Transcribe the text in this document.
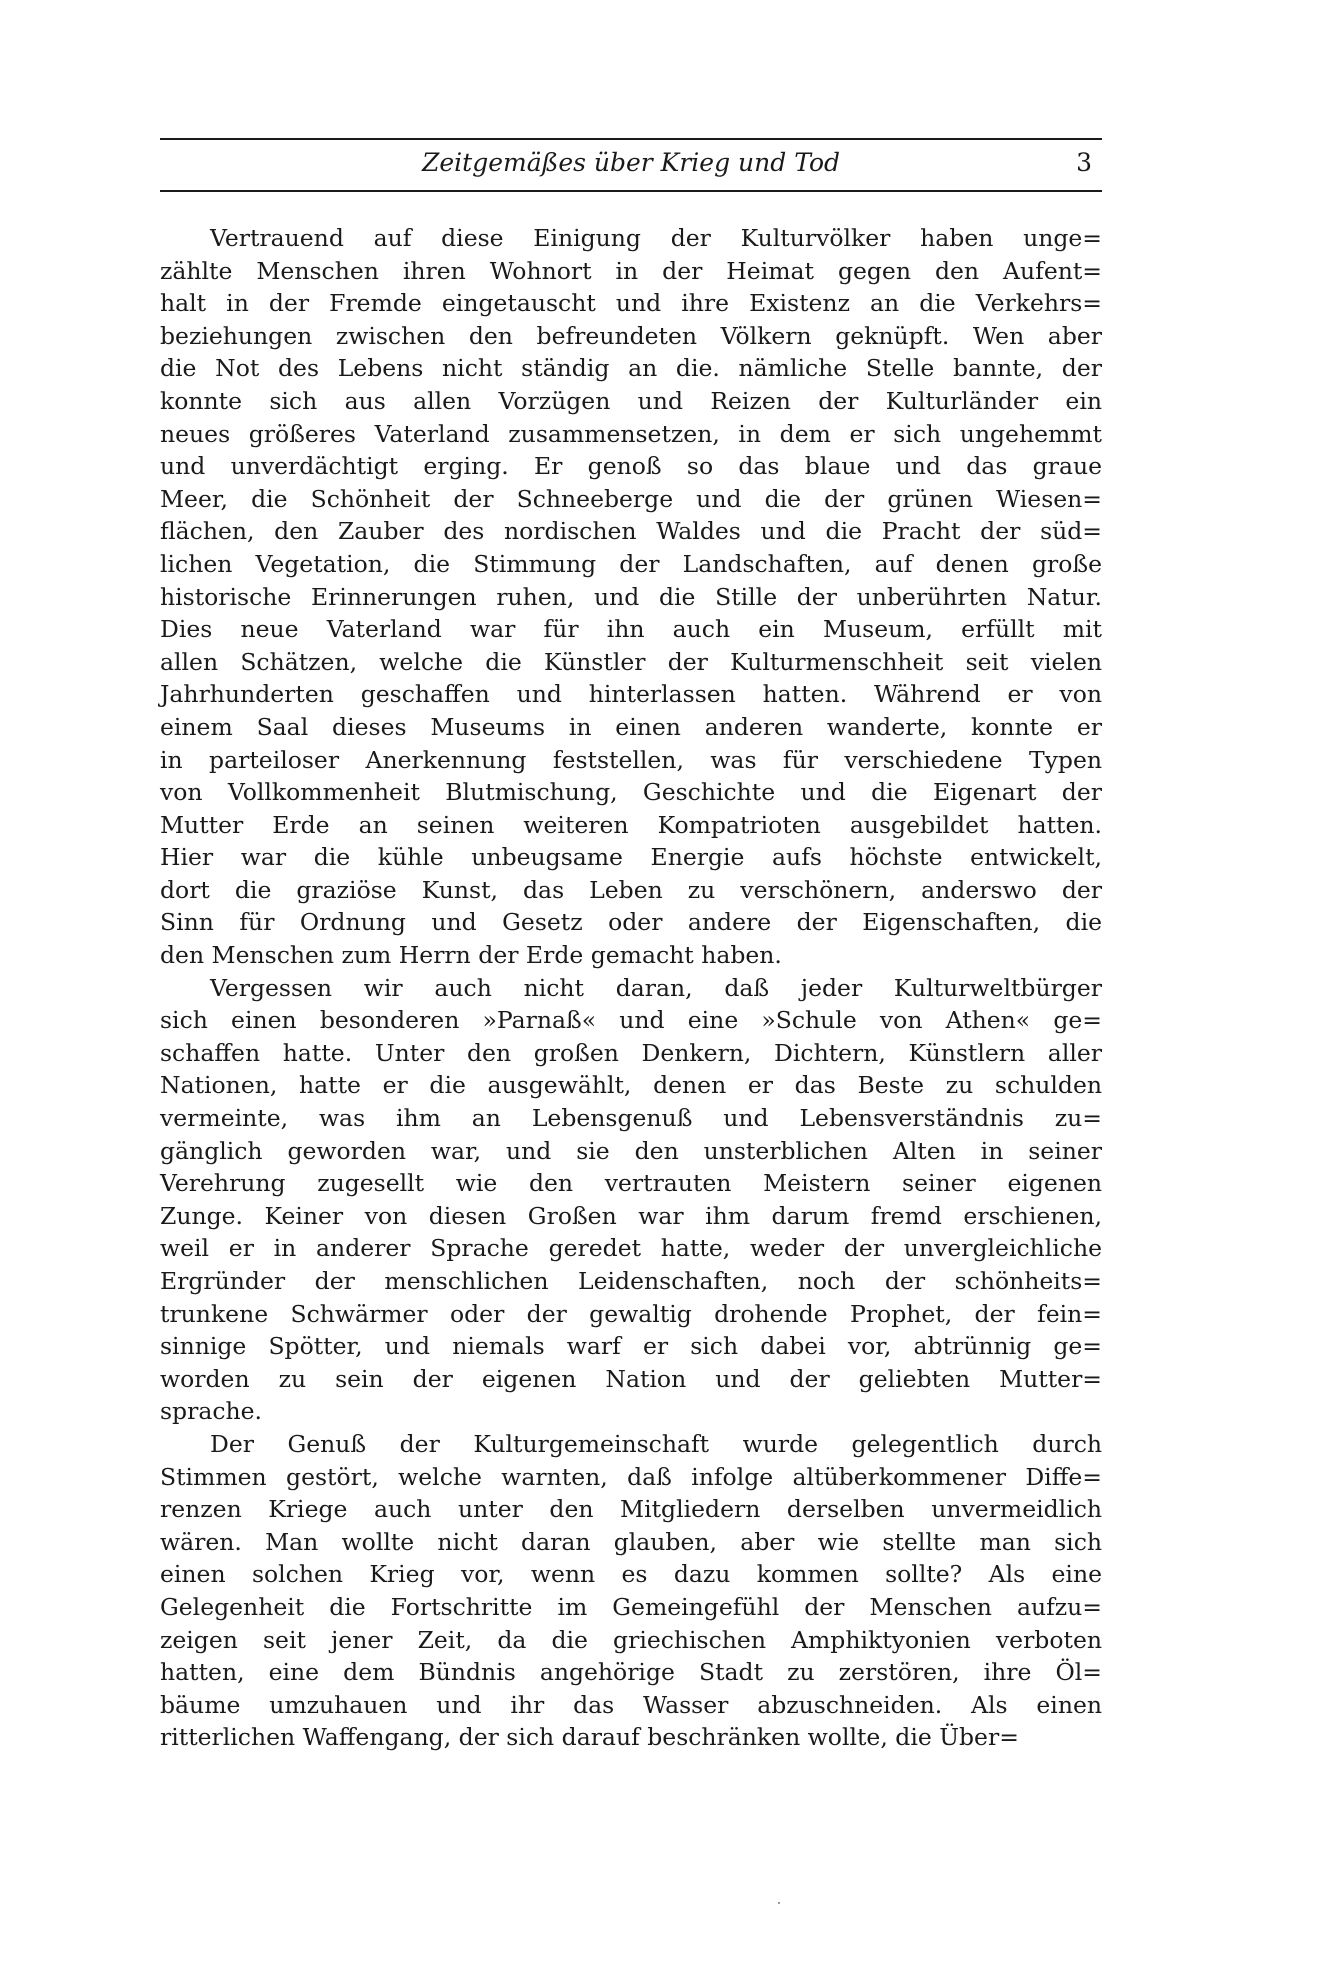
Zeitgemäßes über Krieg und Tod	3

Vertrauend auf diese Einigung der Kulturvölker haben unge=
zählte Menschen ihren Wohnort in der Heimat gegen den Aufent=
halt in der Fremde eingetauscht und ihre Existenz an die Verkehrs=
beziehungen zwischen den befreundeten Völkern geknüpft. Wen aber
die Not des Lebens nicht ständig an die. nämliche Stelle bannte, der
konnte sich aus allen Vorzügen und Reizen der Kulturländer ein
neues größeres Vaterland zusammensetzen, in dem er sich ungehemmt
und unverdächtigt erging. Er genoß so das blaue und das graue
Meer, die Schönheit der Schneeberge und die der grünen Wiesen=
flächen, den Zauber des nordischen Waldes und die Pracht der süd=
lichen Vegetation, die Stimmung der Landschaften, auf denen große
historische Erinnerungen ruhen, und die Stille der unberührten Natur.
Dies neue Vaterland war für ihn auch ein Museum, erfüllt mit
allen Schätzen, welche die Künstler der Kulturmenschheit seit vielen
Jahrhunderten geschaffen und hinterlassen hatten. Während er von
einem Saal dieses Museums in einen anderen wanderte, konnte er
in parteiloser Anerkennung feststellen, was für verschiedene Typen
von Vollkommenheit Blutmischung, Geschichte und die Eigenart der
Mutter Erde an seinen weiteren Kompatrioten ausgebildet hatten.
Hier war die kühle unbeugsame Energie aufs höchste entwickelt,
dort die graziöse Kunst, das Leben zu verschönern, anderswo der
Sinn für Ordnung und Gesetz oder andere der Eigenschaften, die
den Menschen zum Herrn der Erde gemacht haben.

Vergessen wir auch nicht daran, daß jeder Kulturweltbürger
sich einen besonderen »Parnaß« und eine »Schule von Athen« ge=
schaffen hatte. Unter den großen Denkern, Dichtern, Künstlern aller
Nationen, hatte er die ausgewählt, denen er das Beste zu schulden
vermeinte, was ihm an Lebensgenuß und Lebensverständnis zu=
gänglich geworden war, und sie den unsterblichen Alten in seiner
Verehrung zugesellt wie den vertrauten Meistern seiner eigenen
Zunge. Keiner von diesen Großen war ihm darum fremd erschienen,
weil er in anderer Sprache geredet hatte, weder der unvergleichliche
Ergründer der menschlichen Leidenschaften, noch der schönheits=
trunkene Schwärmer oder der gewaltig drohende Prophet, der fein=
sinnige Spötter, und niemals warf er sich dabei vor, abtrünnig ge=
worden zu sein der eigenen Nation und der geliebten Mutter=
sprache.

Der Genuß der Kulturgemeinschaft wurde gelegentlich durch
Stimmen gestört, welche warnten, daß infolge altüberkommener Diffe=
renzen Kriege auch unter den Mitgliedern derselben unvermeidlich
wären. Man wollte nicht daran glauben, aber wie stellte man sich
einen solchen Krieg vor, wenn es dazu kommen sollte? Als eine
Gelegenheit die Fortschritte im Gemeingefühl der Menschen aufzu=
zeigen seit jener Zeit, da die griechischen Amphiktyonien verboten
hatten, eine dem Bündnis angehörige Stadt zu zerstören, ihre Öl=
bäume umzuhauen und ihr das Wasser abzuschneiden. Als einen
ritterlichen Waffengang, der sich darauf beschränken wollte, die Über=
